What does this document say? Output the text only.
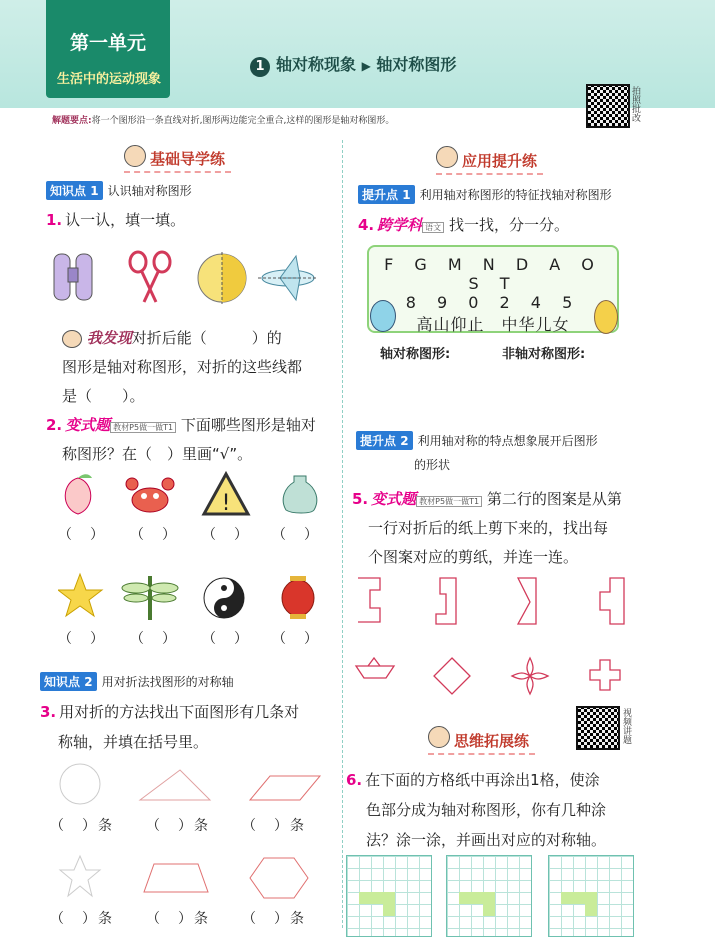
第一单元
生活中的运动现象
1 轴对称现象 ▶ 轴对称图形
拍照批改
解题要点:将一个图形沿一条直线对折,图形两边能完全重合,这样的图形是轴对称图形。
基础导学练
知识点 1 认识轴对称图形
1. 认一认，填一填。
我发现对折后能（　　　）的
图形是轴对称图形，对折的这些线都
是（　　）。
2. 变式题 教材P5做一做T1 下面哪些图形是轴对
称图形？在（　）里画“√”。
!
（　） （　） （　） （　）
（　） （　） （　） （　）
知识点 2 用对折法找图形的对称轴
3. 用对折的方法找出下面图形有几条对
称轴，并填在括号里。
（　）条 （　）条 （　）条
（　）条 （　）条 （　）条
应用提升练
提升点 1 利用轴对称图形的特征找轴对称图形
4. 跨学科 语文 找一找，分一分。
F G M N D A O S T
8 9 0 2 4 5
高山仰止　中华儿女
轴对称图形:	非轴对称图形:
提升点 2 利用轴对称的特点想象展开后图形
的形状
5. 变式题 教材P5做一做T1 第二行的图案是从第
一行对折后的纸上剪下来的，找出每
个图案对应的剪纸，并连一连。
视频讲题
思维拓展练
6. 在下面的方格纸中再涂出1格，使涂
色部分成为轴对称图形，你有几种涂
法？涂一涂，并画出对应的对称轴。
